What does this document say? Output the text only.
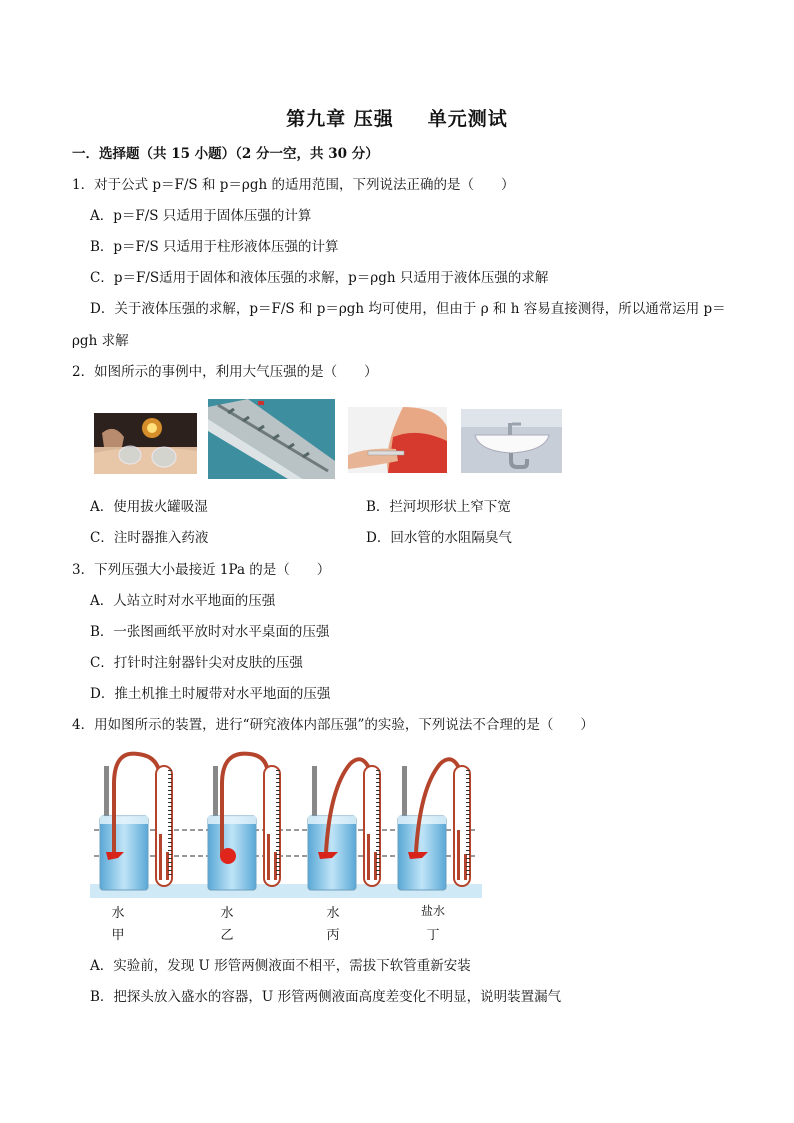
第九章 压强 单元测试
一．选择题（共 15 小题）（2 分一空，共 30 分）
1．对于公式 p＝F/S 和 p＝ρgh 的适用范围，下列说法正确的是（　　）
A．p＝F/S 只适用于固体压强的计算
B．p＝F/S 只适用于柱形液体压强的计算
C．p＝F/S适用于固体和液体压强的求解，p＝ρgh 只适用于液体压强的求解
D．关于液体压强的求解，p＝F/S 和 p＝ρgh 均可使用，但由于 ρ 和 h 容易直接测得，所以通常运用 p＝
ρgh 求解
2．如图所示的事例中，利用大气压强的是（　　）
A．使用拔火罐吸湿	B．拦河坝形状上窄下宽
C．注时器推入药液	D．回水管的水阻隔臭气
3．下列压强大小最接近 1Pa 的是（　　）
A．人站立时对水平地面的压强
B．一张图画纸平放时对水平桌面的压强
C．打针时注射器针尖对皮肤的压强
D．推土机推土时履带对水平地面的压强
4．用如图所示的装置，进行“研究液体内部压强”的实验，下列说法不合理的是（　　）
水	水	水	盐水
甲	乙	丙	丁
A．实验前，发现 U 形管两侧液面不相平，需拔下软管重新安装
B．把探头放入盛水的容器，U 形管两侧液面高度差变化不明显，说明装置漏气
